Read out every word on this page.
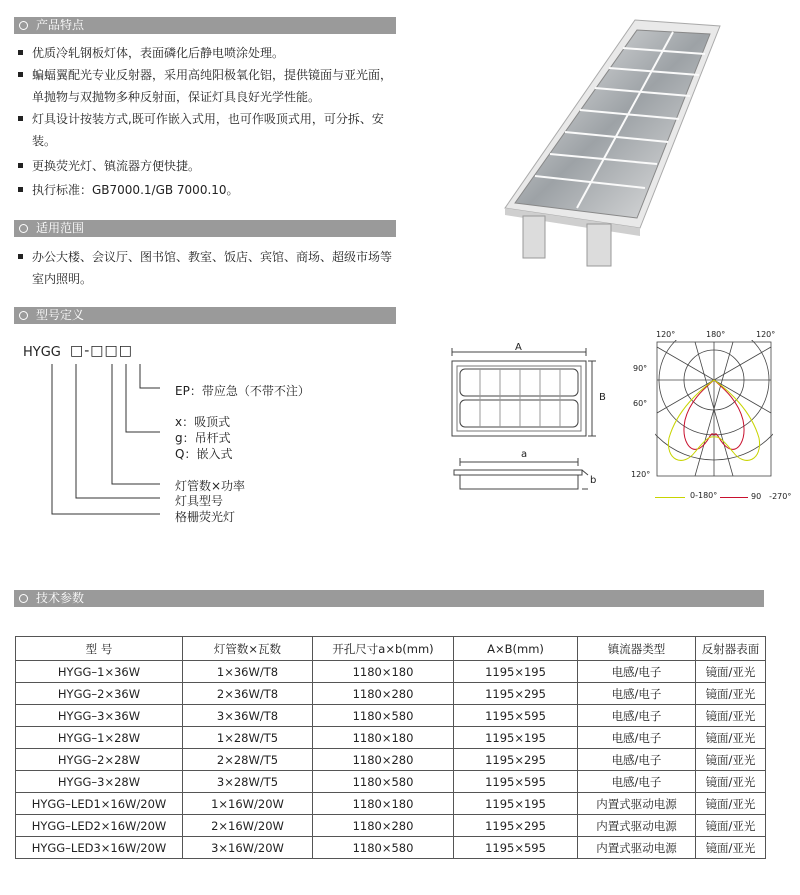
产品特点
优质冷轧钢板灯体，表面磷化后静电喷涂处理。
蝙蝠翼配光专业反射器，采用高纯阳极氧化铝，提供镜面与亚光面，单抛物与双抛物多种反射面，保证灯具良好光学性能。
灯具设计按装方式,既可作嵌入式用，也可作吸顶式用，可分拆、安装。
更换荧光灯、镇流器方便快捷。
执行标准：GB7000.1/GB 7000.10。
适用范围
办公大楼、会议厅、图书馆、教室、饭店、宾馆、商场、超级市场等室内照明。
型号定义
HYGG □-□□□
EP：带应急（不带不注）
x：吸顶式
g：吊杆式
Q：嵌入式
灯管数×功率
灯具型号
格栅荧光灯
A
B
a
b
120°	180°	120°
90°
60°
120°
0-180°	90　-270°
技术参数
型 号	灯管数×瓦数	开孔尺寸a×b(mm)	A×B(mm)	镇流器类型	反射器表面
HYGG–1×36W	1×36W/T8	1180×180	1195×195	电感/电子	镜面/亚光
HYGG–2×36W	2×36W/T8	1180×280	1195×295	电感/电子	镜面/亚光
HYGG–3×36W	3×36W/T8	1180×580	1195×595	电感/电子	镜面/亚光
HYGG–1×28W	1×28W/T5	1180×180	1195×195	电感/电子	镜面/亚光
HYGG–2×28W	2×28W/T5	1180×280	1195×295	电感/电子	镜面/亚光
HYGG–3×28W	3×28W/T5	1180×580	1195×595	电感/电子	镜面/亚光
HYGG–LED1×16W/20W	1×16W/20W	1180×180	1195×195	内置式驱动电源	镜面/亚光
HYGG–LED2×16W/20W	2×16W/20W	1180×280	1195×295	内置式驱动电源	镜面/亚光
HYGG–LED3×16W/20W	3×16W/20W	1180×580	1195×595	内置式驱动电源	镜面/亚光
